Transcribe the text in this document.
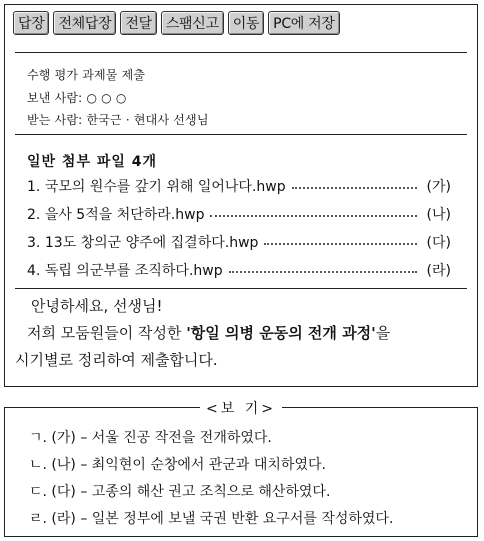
답장	전체답장	전달	스팸신고	이동	PC에 저장
수행 평가 과제물 제출
보낸 사람: ○ ○ ○
받는 사람: 한국근 · 현대사 선생님
일반 첨부 파일 4개
1. 국모의 원수를 갚기 위해 일어나다.hwp	(가)
2. 을사 5적을 처단하라.hwp	(나)
3. 13도 창의군 양주에 집결하다.hwp	(다)
4. 독립 의군부를 조직하다.hwp	(라)
안녕하세요, 선생님!
저희 모둠원들이 작성한 '항일 의병 운동의 전개 과정'을
시기별로 정리하여 제출합니다.
<보 기>
ㄱ. (가) – 서울 진공 작전을 전개하였다.
ㄴ. (나) – 최익현이 순창에서 관군과 대치하였다.
ㄷ. (다) – 고종의 해산 권고 조칙으로 해산하였다.
ㄹ. (라) – 일본 정부에 보낼 국권 반환 요구서를 작성하였다.
